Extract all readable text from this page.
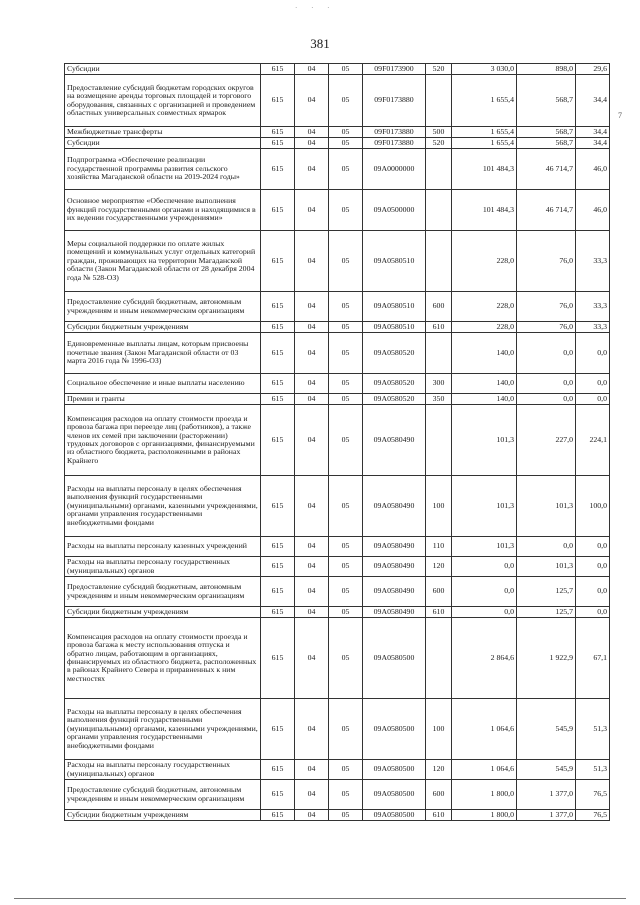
· · ·
381
Субсидии	615	04	05	09F0173900	520	3 030,0	898,0	29,6
Предоставление субсидий бюджетам городских округов на возмещение аренды торговых площадей и торгового оборудования, связанных с организацией и проведением областных универсальных совместных ярмарок	615	04	05	09F0173880		1 655,4	568,7	34,4
Межбюджетные трансферты	615	04	05	09F0173880	500	1 655,4	568,7	34,4
Субсидии	615	04	05	09F0173880	520	1 655,4	568,7	34,4
Подпрограмма «Обеспечение реализации государственной программы развития сельского хозяйства Магаданской области на 2019-2024 годы»	615	04	05	09А0000000		101 484,3	46 714,7	46,0
Основное мероприятие «Обеспечение выполнения функций государственными органами и находящимися в их ведении государственными учреждениями»	615	04	05	09А0500000		101 484,3	46 714,7	46,0
Меры социальной поддержки по оплате жилых помещений и коммунальных услуг отдельных категорий граждан, проживающих на территории Магаданской области (Закон Магаданской области от 28 декабря 2004 года № 528-ОЗ)	615	04	05	09А0580510		228,0	76,0	33,3
Предоставление субсидий бюджетным, автономным учреждениям и иным некоммерческим организациям	615	04	05	09А0580510	600	228,0	76,0	33,3
Субсидии бюджетным учреждениям	615	04	05	09А0580510	610	228,0	76,0	33,3
Единовременные выплаты лицам, которым присвоены почетные звания (Закон Магаданской области от 03 марта 2016 года № 1996-ОЗ)	615	04	05	09А0580520		140,0	0,0	0,0
Социальное обеспечение и иные выплаты населению	615	04	05	09А0580520	300	140,0	0,0	0,0
Премии и гранты	615	04	05	09А0580520	350	140,0	0,0	0,0
Компенсация расходов на оплату стоимости проезда и провоза багажа при переезде лиц (работников), а также членов их семей при заключении (расторжении) трудовых договоров с организациями, финансируемыми из областного бюджета, расположенными в районах Крайнего	615	04	05	09А0580490		101,3	227,0	224,1
Расходы на выплаты персоналу в целях обеспечения выполнения функций государственными (муниципальными) органами, казенными учреждениями, органами управления государственными внебюджетными фондами	615	04	05	09А0580490	100	101,3	101,3	100,0
Расходы на выплаты персоналу казенных учреждений	615	04	05	09А0580490	110	101,3	0,0	0,0
Расходы на выплаты персоналу государственных (муниципальных) органов	615	04	05	09А0580490	120	0,0	101,3	0,0
Предоставление субсидий бюджетным, автономным учреждениям и иным некоммерческим организациям	615	04	05	09А0580490	600	0,0	125,7	0,0
Субсидии бюджетным учреждениям	615	04	05	09А0580490	610	0,0	125,7	0,0
Компенсация расходов на оплату стоимости проезда и провоза багажа к месту использования отпуска и обратно лицам, работающим в организациях, финансируемых из областного бюджета, расположенных в районах Крайнего Севера и приравненных к ним местностях	615	04	05	09А0580500		2 864,6	1 922,9	67,1
Расходы на выплаты персоналу в целях обеспечения выполнения функций государственными (муниципальными) органами, казенными учреждениями, органами управления государственными внебюджетными фондами	615	04	05	09А0580500	100	1 064,6	545,9	51,3
Расходы на выплаты персоналу государственных (муниципальных) органов	615	04	05	09А0580500	120	1 064,6	545,9	51,3
Предоставление субсидий бюджетным, автономным учреждениям и иным некоммерческим организациям	615	04	05	09А0580500	600	1 800,0	1 377,0	76,5
Субсидии бюджетным учреждениям	615	04	05	09А0580500	610	1 800,0	1 377,0	76,5
7
